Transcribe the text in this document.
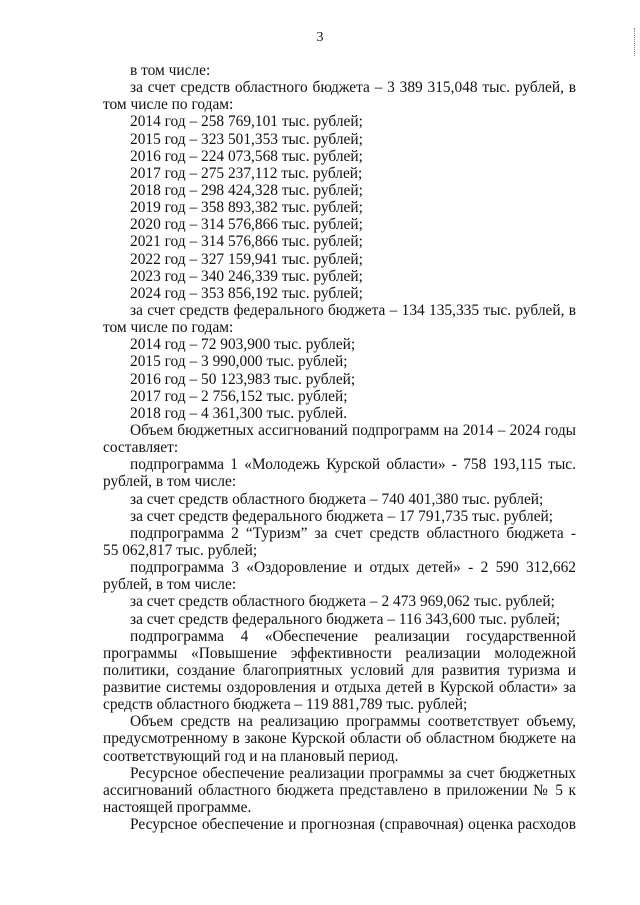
3
в том числе:
за счет средств областного бюджета – 3 389 315,048 тыс. рублей, в
том числе по годам:
2014 год – 258 769,101 тыс. рублей;
2015 год – 323 501,353 тыс. рублей;
2016 год – 224 073,568 тыс. рублей;
2017 год – 275 237,112 тыс. рублей;
2018 год – 298 424,328 тыс. рублей;
2019 год – 358 893,382 тыс. рублей;
2020 год – 314 576,866 тыс. рублей;
2021 год – 314 576,866 тыс. рублей;
2022 год – 327 159,941 тыс. рублей;
2023 год – 340 246,339 тыс. рублей;
2024 год – 353 856,192 тыс. рублей;
за счет средств федерального бюджета – 134 135,335 тыс. рублей, в
том числе по годам:
2014 год – 72 903,900 тыс. рублей;
2015 год – 3 990,000 тыс. рублей;
2016 год – 50 123,983 тыс. рублей;
2017 год – 2 756,152 тыс. рублей;
2018 год – 4 361,300 тыс. рублей.
Объем бюджетных ассигнований подпрограмм на 2014 – 2024 годы
составляет:
подпрограмма 1 «Молодежь Курской области» - 758 193,115 тыс.
рублей, в том числе:
за счет средств областного бюджета – 740 401,380 тыс. рублей;
за счет средств федерального бюджета – 17 791,735 тыс. рублей;
подпрограмма 2 “Туризм” за счет средств областного бюджета -
55 062,817 тыс. рублей;
подпрограмма 3 «Оздоровление и отдых детей» - 2 590 312,662
рублей, в том числе:
за счет средств областного бюджета – 2 473 969,062 тыс. рублей;
за счет средств федерального бюджета – 116 343,600 тыс. рублей;
подпрограмма 4 «Обеспечение реализации государственной
программы «Повышение эффективности реализации молодежной
политики, создание благоприятных условий для развития туризма и
развитие системы оздоровления и отдыха детей в Курской области» за
средств областного бюджета – 119 881,789 тыс. рублей;
Объем средств на реализацию программы соответствует объему,
предусмотренному в законе Курской области об областном бюджете на
соответствующий год и на плановый период.
Ресурсное обеспечение реализации программы за счет бюджетных
ассигнований областного бюджета представлено в приложении № 5 к
настоящей программе.
Ресурсное обеспечение и прогнозная (справочная) оценка расходов
